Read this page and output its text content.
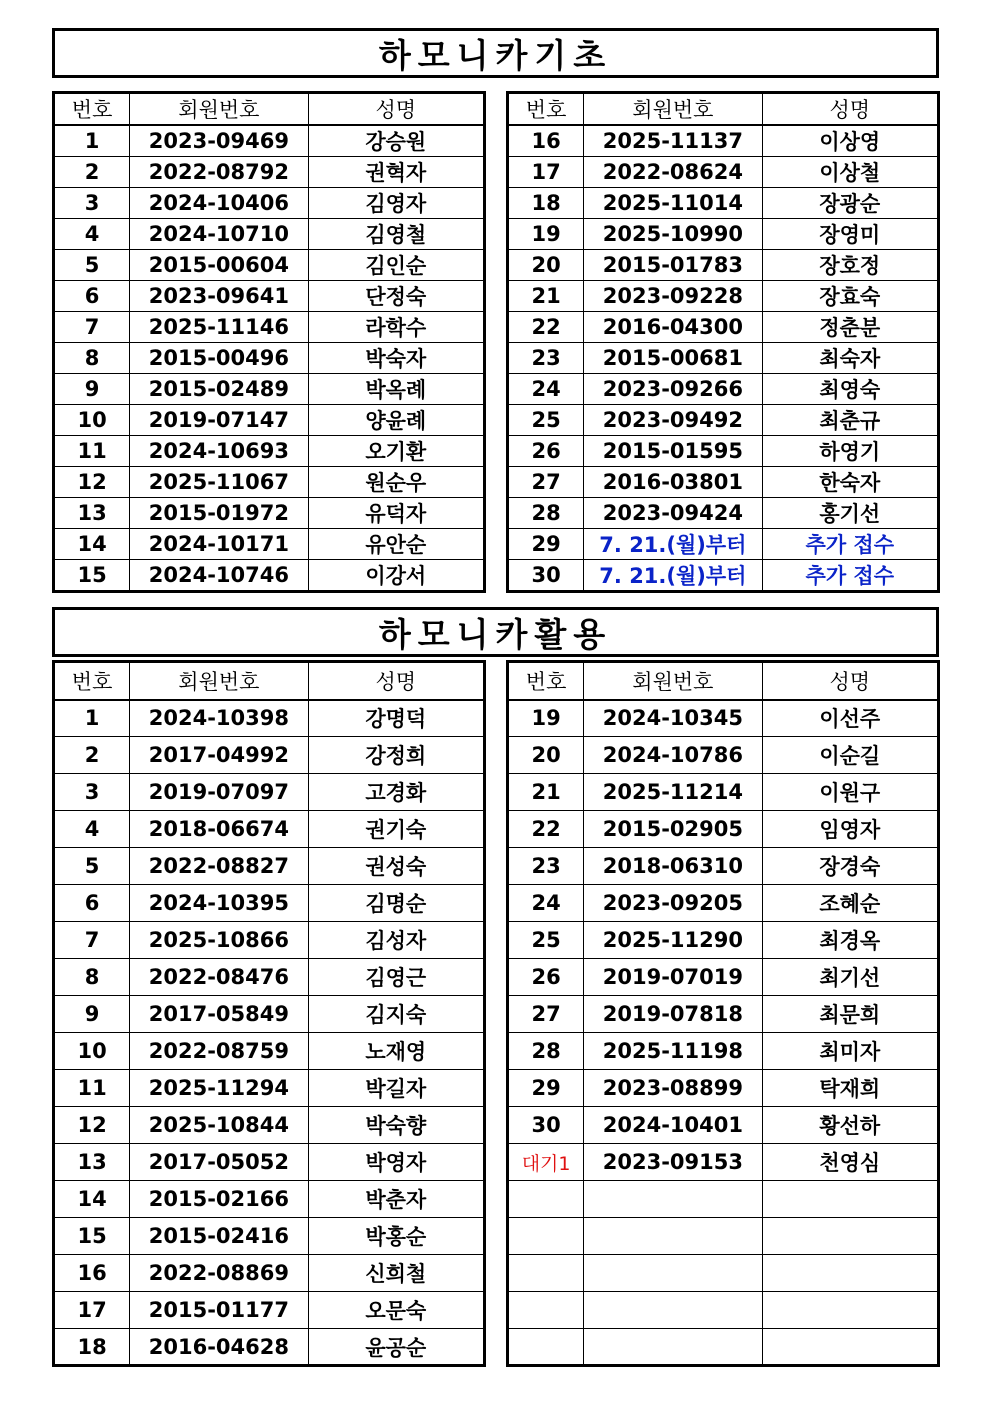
하모니카기초
번호	회원번호	성명
1	2023-09469	강승원
2	2022-08792	권혁자
3	2024-10406	김영자
4	2024-10710	김영철
5	2015-00604	김인순
6	2023-09641	단정숙
7	2025-11146	라학수
8	2015-00496	박숙자
9	2015-02489	박옥례
10	2019-07147	양윤례
11	2024-10693	오기환
12	2025-11067	원순우
13	2015-01972	유덕자
14	2024-10171	유안순
15	2024-10746	이강서
번호	회원번호	성명
16	2025-11137	이상영
17	2022-08624	이상철
18	2025-11014	장광순
19	2025-10990	장영미
20	2015-01783	장호정
21	2023-09228	장효숙
22	2016-04300	정춘분
23	2015-00681	최숙자
24	2023-09266	최영숙
25	2023-09492	최춘규
26	2015-01595	하영기
27	2016-03801	한숙자
28	2023-09424	홍기선
29	7. 21.(월)부터	추가 접수
30	7. 21.(월)부터	추가 접수
하모니카활용
번호	회원번호	성명
1	2024-10398	강명덕
2	2017-04992	강정희
3	2019-07097	고경화
4	2018-06674	권기숙
5	2022-08827	권성숙
6	2024-10395	김명순
7	2025-10866	김성자
8	2022-08476	김영근
9	2017-05849	김지숙
10	2022-08759	노재영
11	2025-11294	박길자
12	2025-10844	박숙향
13	2017-05052	박영자
14	2015-02166	박춘자
15	2015-02416	박홍순
16	2022-08869	신희철
17	2015-01177	오문숙
18	2016-04628	윤공순
번호	회원번호	성명
19	2024-10345	이선주
20	2024-10786	이순길
21	2025-11214	이원구
22	2015-02905	임영자
23	2018-06310	장경숙
24	2023-09205	조혜순
25	2025-11290	최경옥
26	2019-07019	최기선
27	2019-07818	최문희
28	2025-11198	최미자
29	2023-08899	탁재희
30	2024-10401	황선하
대기1	2023-09153	천영심
